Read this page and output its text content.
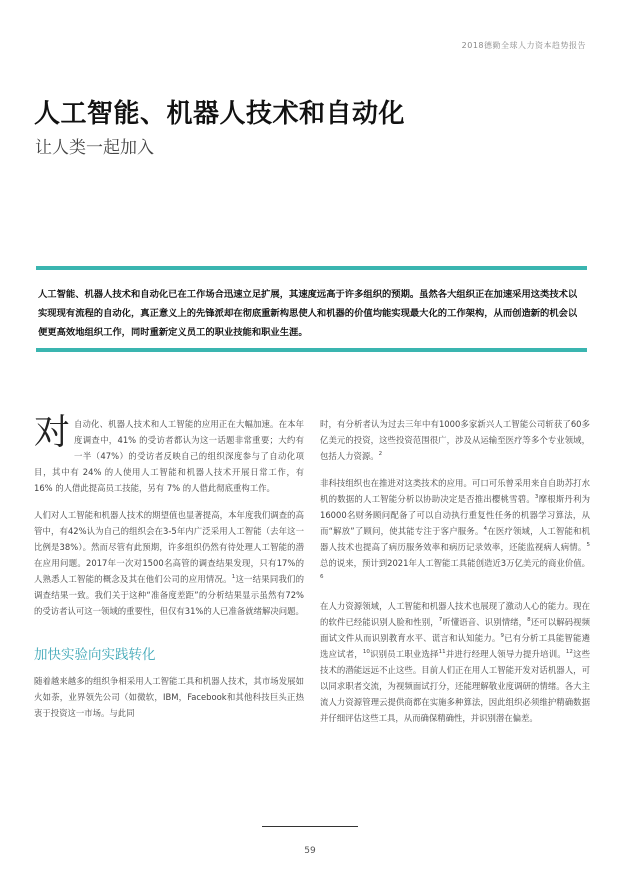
2018德勤全球人力资本趋势报告
人工智能、机器人技术和自动化
让人类一起加入

人工智能、机器人技术和自动化已在工作场合迅速立足扩展，其速度远高于许多组织的预期。虽然各大组织正在加速采用这类技术以实现现有流程的自动化，真正意义上的先锋派却在彻底重新构思使人和机器的价值均能实现最大化的工作架构，从而创造新的机会以便更高效地组织工作，同时重新定义员工的职业技能和职业生涯。

对自动化、机器人技术和人工智能的应用正在大幅加速。在本年度调查中，41% 的受访者都认为这一话题非常重要；大约有一半（47%）的受访者反映自己的组织深度参与了自动化项目，其中有 24% 的人使用人工智能和机器人技术开展日常工作，有 16% 的人借此提高员工技能，另有 7% 的人借此彻底重构工作。

人们对人工智能和机器人技术的期望值也显著提高，本年度我们调查的高管中，有42%认为自己的组织会在3-5年内广泛采用人工智能（去年这一比例是38%）。然而尽管有此预期，许多组织仍然有待处理人工智能的潜在应用问题。2017年一次对1500名高管的调查结果发现，只有17%的人熟悉人工智能的概念及其在他们公司的应用情况。$^1$这一结果同我们的调查结果一致。我们关于这种“准备度差距”的分析结果显示虽然有72%的受访者认可这一领域的重要性，但仅有31%的人已准备就绪解决问题。

加快实验向实践转化

随着越来越多的组织争相采用人工智能工具和机器人技术，其市场发展如火如荼，业界领先公司（如微软，IBM，Facebook和其他科技巨头正热衷于投资这一市场。与此同

时，有分析者认为过去三年中有1000多家新兴人工智能公司斩获了60多亿美元的投资，这些投资范围很广，涉及从运输至医疗等多个专业领域，包括人力资源。$^2$

非科技组织也在推进对这类技术的应用。可口可乐曾采用来自自助苏打水机的数据的人工智能分析以协助决定是否推出樱桃雪碧。$^3$摩根斯丹利为16000名财务顾问配备了可以自动执行重复性任务的机器学习算法，从而“解放”了顾问，使其能专注于客户服务。$^4$在医疗领域，人工智能和机器人技术也提高了病历服务效率和病历记录效率，还能监视病人病情。$^5$总的说来，预计到2021年人工智能工具能创造近3万亿美元的商业价值。$^6$

在人力资源领域，人工智能和机器人技术也展现了激动人心的能力。现在的软件已经能识别人脸和性别，$^7$听懂语音、识别情绪，$^8$还可以解码视频面试文件从而识别教育水平、谎言和认知能力。$^9$已有分析工具能智能遴选应试者，$^{10}$识别员工职业选择$^{11}$并进行经理人领导力提升培训。$^{12}$这些技术的潜能远远不止这些。目前人们正在用人工智能开发对话机器人，可以同求职者交流，为视频面试打分，还能理解敬业度调研的情绪。各大主流人力资源管理云提供商都在实施多种算法，因此组织必须维护精确数据并仔细评估这些工具，从而确保精确性，并识别潜在偏差。

59
